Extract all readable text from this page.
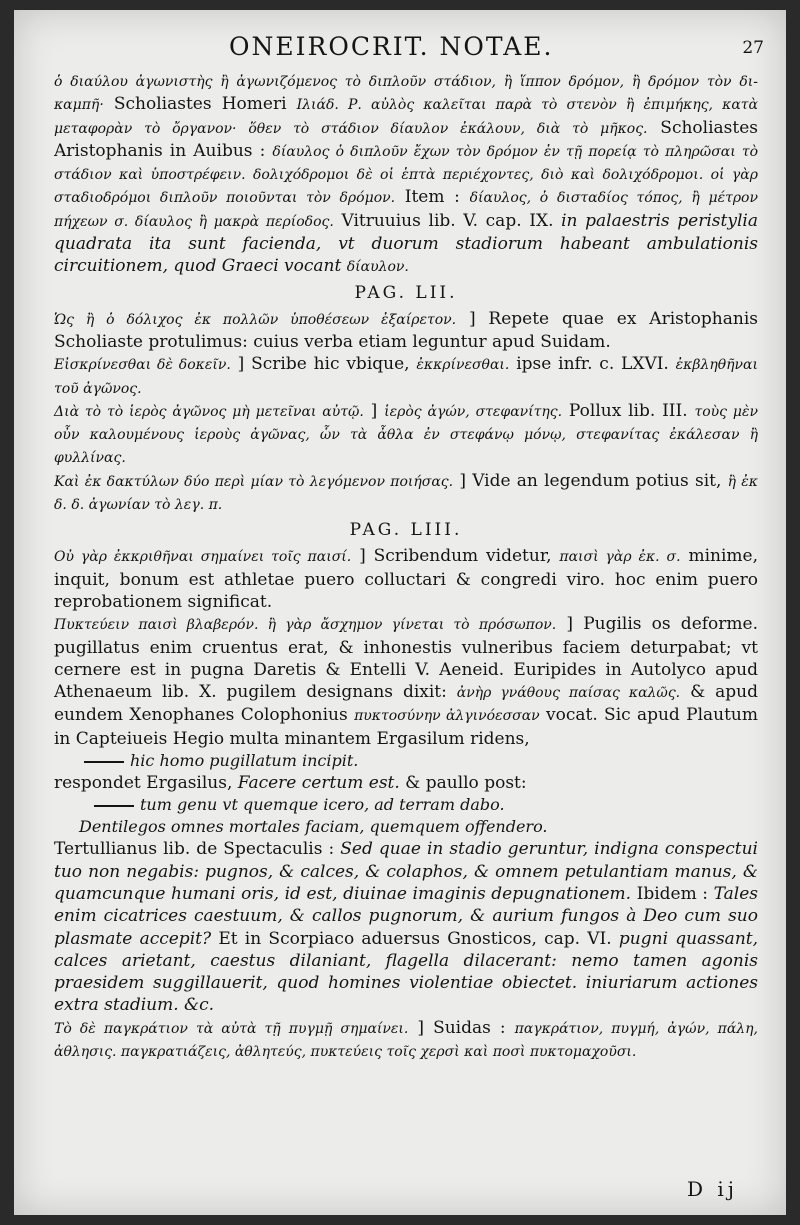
ONEIROCRIT. NOTAE.	27

ὁ διαύλου ἀγωνιστὴς ἢ ἀγωνιζόμενος τὸ διπλοῦν στάδιον, ἢ ἵππον δρόμον, ἢ δρόμον τὸν δι- καμπῆ· Scholiastes Homeri Ιλιάδ. Ρ. αὐλὸς καλεῖται παρὰ τὸ στενὸν ἢ ἐπιμήκης, κατὰ μεταφορὰν τὸ ὄργανον· ὅθεν τὸ στάδιον δίαυλον ἐκάλουν, διὰ τὸ μῆκος. Scholiastes Aristophanis in Auibus : δίαυλος ὁ διπλοῦν ἔχων τὸν δρόμον ἐν τῇ πορείᾳ τὸ πληρῶσαι τὸ στάδιον καὶ ὑποστρέφειν. δολιχόδρομοι δὲ οἱ ἑπτὰ περιέχοντες, διὸ καὶ δολιχόδρομοι. οἱ γὰρ σταδιοδρόμοι διπλοῦν ποιοῦνται τὸν δρόμον. Item : δίαυλος, ὁ δισταδίος τόπος, ἢ μέτρον πήχεων σ. δίαυλος ἢ μακρὰ περίοδος. Vitruuius lib. V. cap. IX. in palaestris peristylia quadrata ita sunt facienda, vt duorum stadiorum habeant ambulationis circuitionem, quod Graeci vocant δίαυλον.

PAG. LII.

Ὡς ἢ ὁ δόλιχος ἐκ πολλῶν ὑποθέσεων ἐξαίρετον. ] Repete quae ex Aristophanis Scholiaste protulimus: cuius verba etiam leguntur apud Suidam.

Εἰσκρίνεσθαι δὲ δοκεῖν. ] Scribe hic vbique, ἐκκρίνεσθαι. ipse infr. c. LXVI. ἐκβληθῆναι τοῦ ἀγῶνος.

Διὰ τὸ τὸ ἱερὸς ἀγῶνος μὴ μετεῖναι αὐτῷ. ] ἱερὸς ἀγών, στεφανίτης. Pollux lib. III. τοὺς μὲν οὖν καλουμένους ἱεροὺς ἀγῶνας, ὧν τὰ ἆθλα ἐν στεφάνῳ μόνῳ, στεφανίτας ἐκάλεσαν ἢ φυλλίνας.

Καὶ ἐκ δακτύλων δύο περὶ μίαν τὸ λεγόμενον ποιήσας. ] Vide an legendum potius sit, ἢ ἐκ δ. δ. ἀγωνίαν τὸ λεγ. π.

PAG. LIII.

Οὐ γὰρ ἐκκριθῆναι σημαίνει τοῖς παισί. ] Scribendum videtur, παισὶ γὰρ ἐκ. σ. minime, inquit, bonum est athletae puero colluctari & congredi viro. hoc enim puero reprobationem significat.

Πυκτεύειν παισὶ βλαβερόν. ἢ γὰρ ἄσχημον γίνεται τὸ πρόσωπον. ] Pugilis os deforme. pugillatus enim cruentus erat, & inhonestis vulneribus faciem deturpabat; vt cernere est in pugna Daretis & Entelli V. Aeneid. Euripides in Autolyco apud Athenaeum lib. X. pugilem designans dixit: ἀνὴρ γνάθους παίσας καλῶς. & apud eundem Xenophanes Colophonius πυκτοσύνην ἀλγινόεσσαν vocat. Sic apud Plautum in Capteiueis Hegio multa minantem Ergasilum ridens,

hic homo pugillatum incipit.

respondet Ergasilus, Facere certum est. & paullo post:

tum genu vt quemque icero, ad terram dabo.

Dentilegos omnes mortales faciam, quemquem offendero.

Tertullianus lib. de Spectaculis : Sed quae in stadio geruntur, indigna conspectui tuo non negabis: pugnos, & calces, & colaphos, & omnem petulantiam manus, & quamcunque humani oris, id est, diuinae imaginis depugnationem. Ibidem : Tales enim cicatrices caestuum, & callos pugnorum, & aurium fungos à Deo cum suo plasmate accepit? Et in Scorpiaco aduersus Gnosticos, cap. VI. pugni quassant, calces arietant, caestus dilaniant, flagella dilacerant: nemo tamen agonis praesidem suggillauerit, quod homines violentiae obiectet. iniuriarum actiones extra stadium. &c.

Τὸ δὲ παγκράτιον τὰ αὐτὰ τῇ πυγμῇ σημαίνει. ] Suidas : παγκράτιον, πυγμή, ἀγών, πάλη, ἀθλησις. παγκρατιάζεις, ἀθλητεύς, πυκτεύεις τοῖς χερσὶ καὶ ποσὶ πυκτομαχοῦσι.

D ij
